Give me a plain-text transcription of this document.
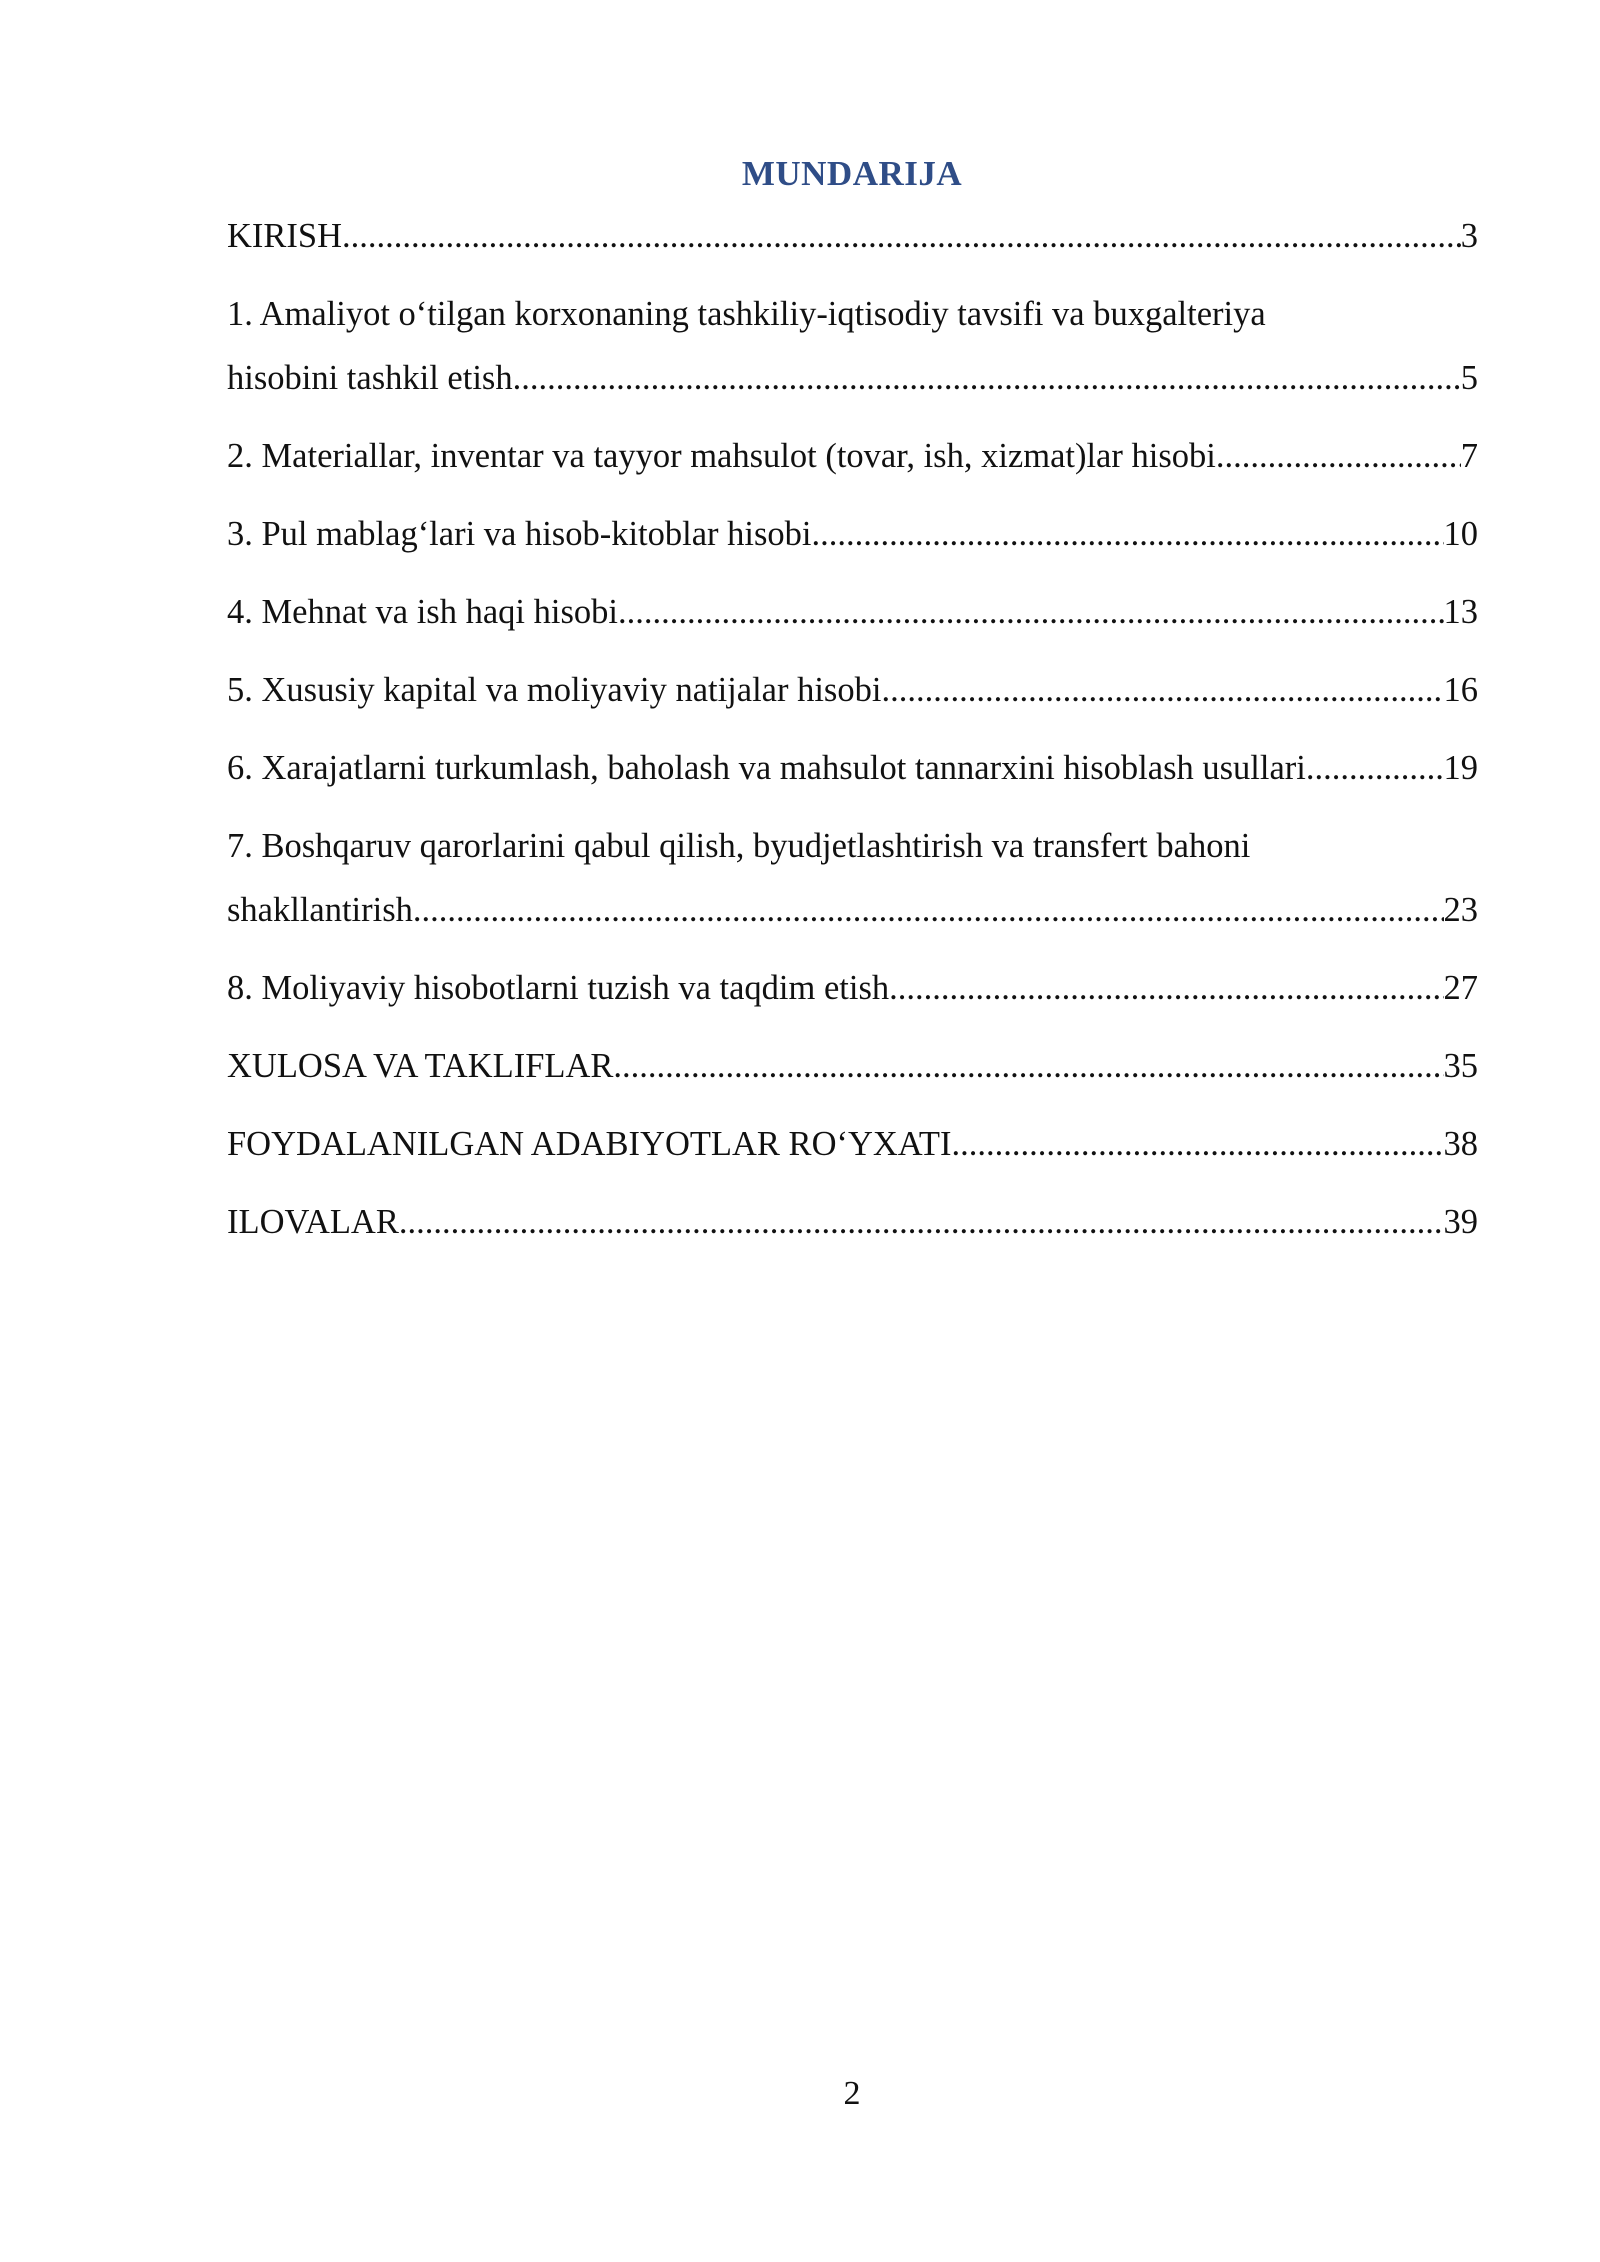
MUNDARIJA
KIRISH .....	3
1. Amaliyot o‘tilgan korxonaning tashkiliy-iqtisodiy tavsifi va buxgalteriya
hisobini tashkil etish .....	5
2. Materiallar, inventar va tayyor mahsulot (tovar, ish, xizmat)lar hisobi .....	7
3. Pul mablag‘lari va hisob-kitoblar hisobi .....	10
4. Mehnat va ish haqi hisobi .....	13
5. Xususiy kapital va moliyaviy natijalar hisobi .....	16
6. Xarajatlarni turkumlash, baholash va mahsulot tannarxini hisoblash usullari .....	19
7. Boshqaruv qarorlarini qabul qilish, byudjetlashtirish va transfert bahoni
shakllantirish .....	23
8. Moliyaviy hisobotlarni tuzish va taqdim etish .....	27
XULOSA VA TAKLIFLAR .....	35
FOYDALANILGAN ADABIYOTLAR RO‘YXATI .....	38
ILOVALAR .....	39
2
